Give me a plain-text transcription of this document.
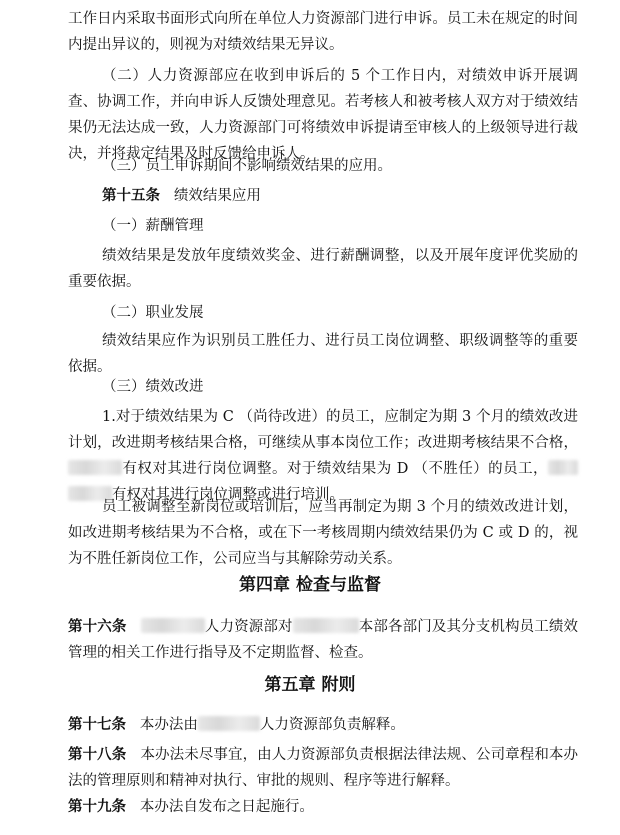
工作日内采取书面形式向所在单位人力资源部门进行申诉。员工未在规定的时间内提出异议的，则视为对绩效结果无异议。
（二）人力资源部应在收到申诉后的 5 个工作日内，对绩效申诉开展调查、协调工作，并向申诉人反馈处理意见。若考核人和被考核人双方对于绩效结果仍无法达成一致，人力资源部门可将绩效申诉提请至审核人的上级领导进行裁决，并将裁定结果及时反馈给申诉人。
（三）员工申诉期间不影响绩效结果的应用。
第十五条 绩效结果应用
（一）薪酬管理
绩效结果是发放年度绩效奖金、进行薪酬调整，以及开展年度评优奖励的重要依据。
（二）职业发展
绩效结果应作为识别员工胜任力、进行员工岗位调整、职级调整等的重要依据。
（三）绩效改进
1.对于绩效结果为 C （尚待改进）的员工，应制定为期 3 个月的绩效改进计划，改进期考核结果合格，可继续从事本岗位工作；改进期考核结果不合格，有权对其进行岗位调整。对于绩效结果为 D （不胜任）的员工，有权对其进行岗位调整或进行培训。
员工被调整至新岗位或培训后，应当再制定为期 3 个月的绩效改进计划，如改进期考核结果为不合格，或在下一考核周期内绩效结果仍为 C 或 D 的，视为不胜任新岗位工作，公司应当与其解除劳动关系。
第四章 检查与监督
第十六条	人力资源部对	本部各部门及其分支机构员工绩效管理的相关工作进行指导及不定期监督、检查。
第五章 附则
第十七条 本办法由	人力资源部负责解释。
第十八条 本办法未尽事宜，由人力资源部负责根据法律法规、公司章程和本办法的管理原则和精神对执行、审批的规则、程序等进行解释。
第十九条 本办法自发布之日起施行。
